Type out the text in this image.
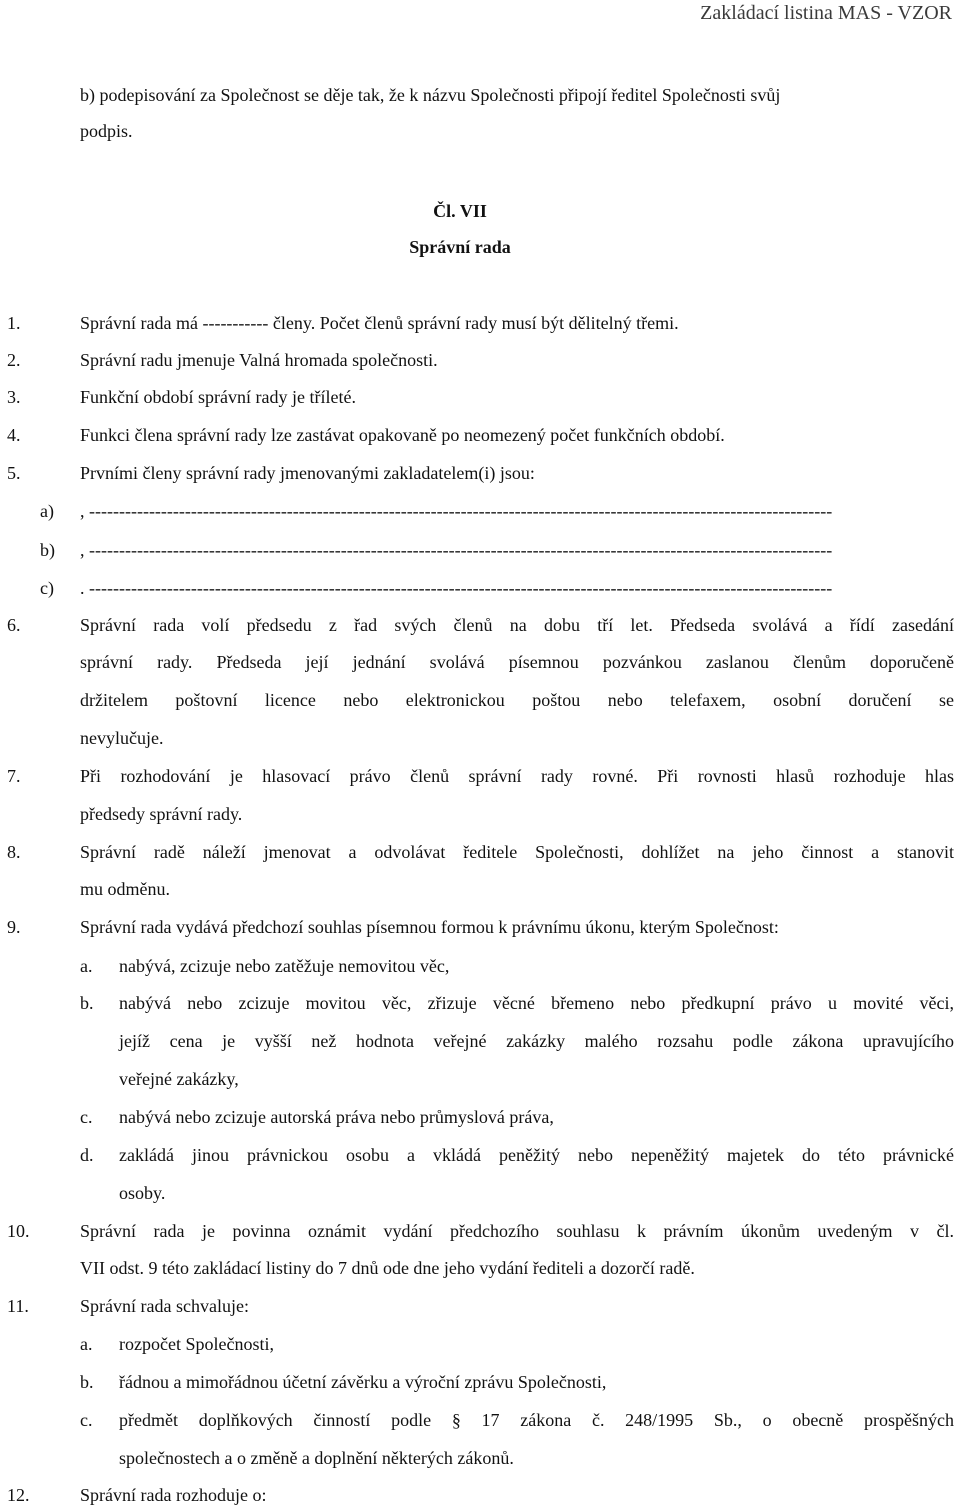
Zakládací listina MAS - VZOR
b) podepisování za Společnost se děje tak, že k názvu Společnosti připojí ředitel Společnosti svůj
podpis.
Čl. VII
Správní rada
1.	Správní rada má ----------- členy. Počet členů správní rady musí být dělitelný třemi.
2.	Správní radu jmenuje Valná hromada společnosti.
3.	Funkční období správní rady je tříleté.
4.	Funkci člena správní rady lze zastávat opakovaně po neomezený počet funkčních období.
5.	Prvními členy správní rady jmenovanými zakladatelem(i) jsou:
a) , ----------------------------------------------------------------------------------------------------------------------------
b) , ----------------------------------------------------------------------------------------------------------------------------
c) . ----------------------------------------------------------------------------------------------------------------------------
6.	Správní rada volí předsedu z řad svých členů na dobu tří let. Předseda svolává a řídí zasedání
správní rady. Předseda její jednání svolává písemnou pozvánkou zaslanou členům doporučeně
držitelem poštovní licence nebo elektronickou poštou nebo telefaxem, osobní doručení se
nevylučuje.
7.	Při rozhodování je hlasovací právo členů správní rady rovné. Při rovnosti hlasů rozhoduje hlas
předsedy správní rady.
8.	Správní radě náleží jmenovat a odvolávat ředitele Společnosti, dohlížet na jeho činnost a stanovit
mu odměnu.
9.	Správní rada vydává předchozí souhlas písemnou formou k právnímu úkonu, kterým Společnost:
a. nabývá, zcizuje nebo zatěžuje nemovitou věc,
b. nabývá nebo zcizuje movitou věc, zřizuje věcné břemeno nebo předkupní právo u movité věci,
jejíž cena je vyšší než hodnota veřejné zakázky malého rozsahu podle zákona upravujícího
veřejné zakázky,
c. nabývá nebo zcizuje autorská práva nebo průmyslová práva,
d. zakládá jinou právnickou osobu a vkládá peněžitý nebo nepeněžitý majetek do této právnické
osoby.
10.	Správní rada je povinna oznámit vydání předchozího souhlasu k právním úkonům uvedeným v čl.
VII odst. 9 této zakládací listiny do 7 dnů ode dne jeho vydání řediteli a dozorčí radě.
11.	Správní rada schvaluje:
a. rozpočet Společnosti,
b. řádnou a mimořádnou účetní závěrku a výroční zprávu Společnosti,
c. předmět doplňkových činností podle § 17 zákona č. 248/1995 Sb., o obecně prospěšných
společnostech a o změně a doplnění některých zákonů.
12.	Správní rada rozhoduje o:
